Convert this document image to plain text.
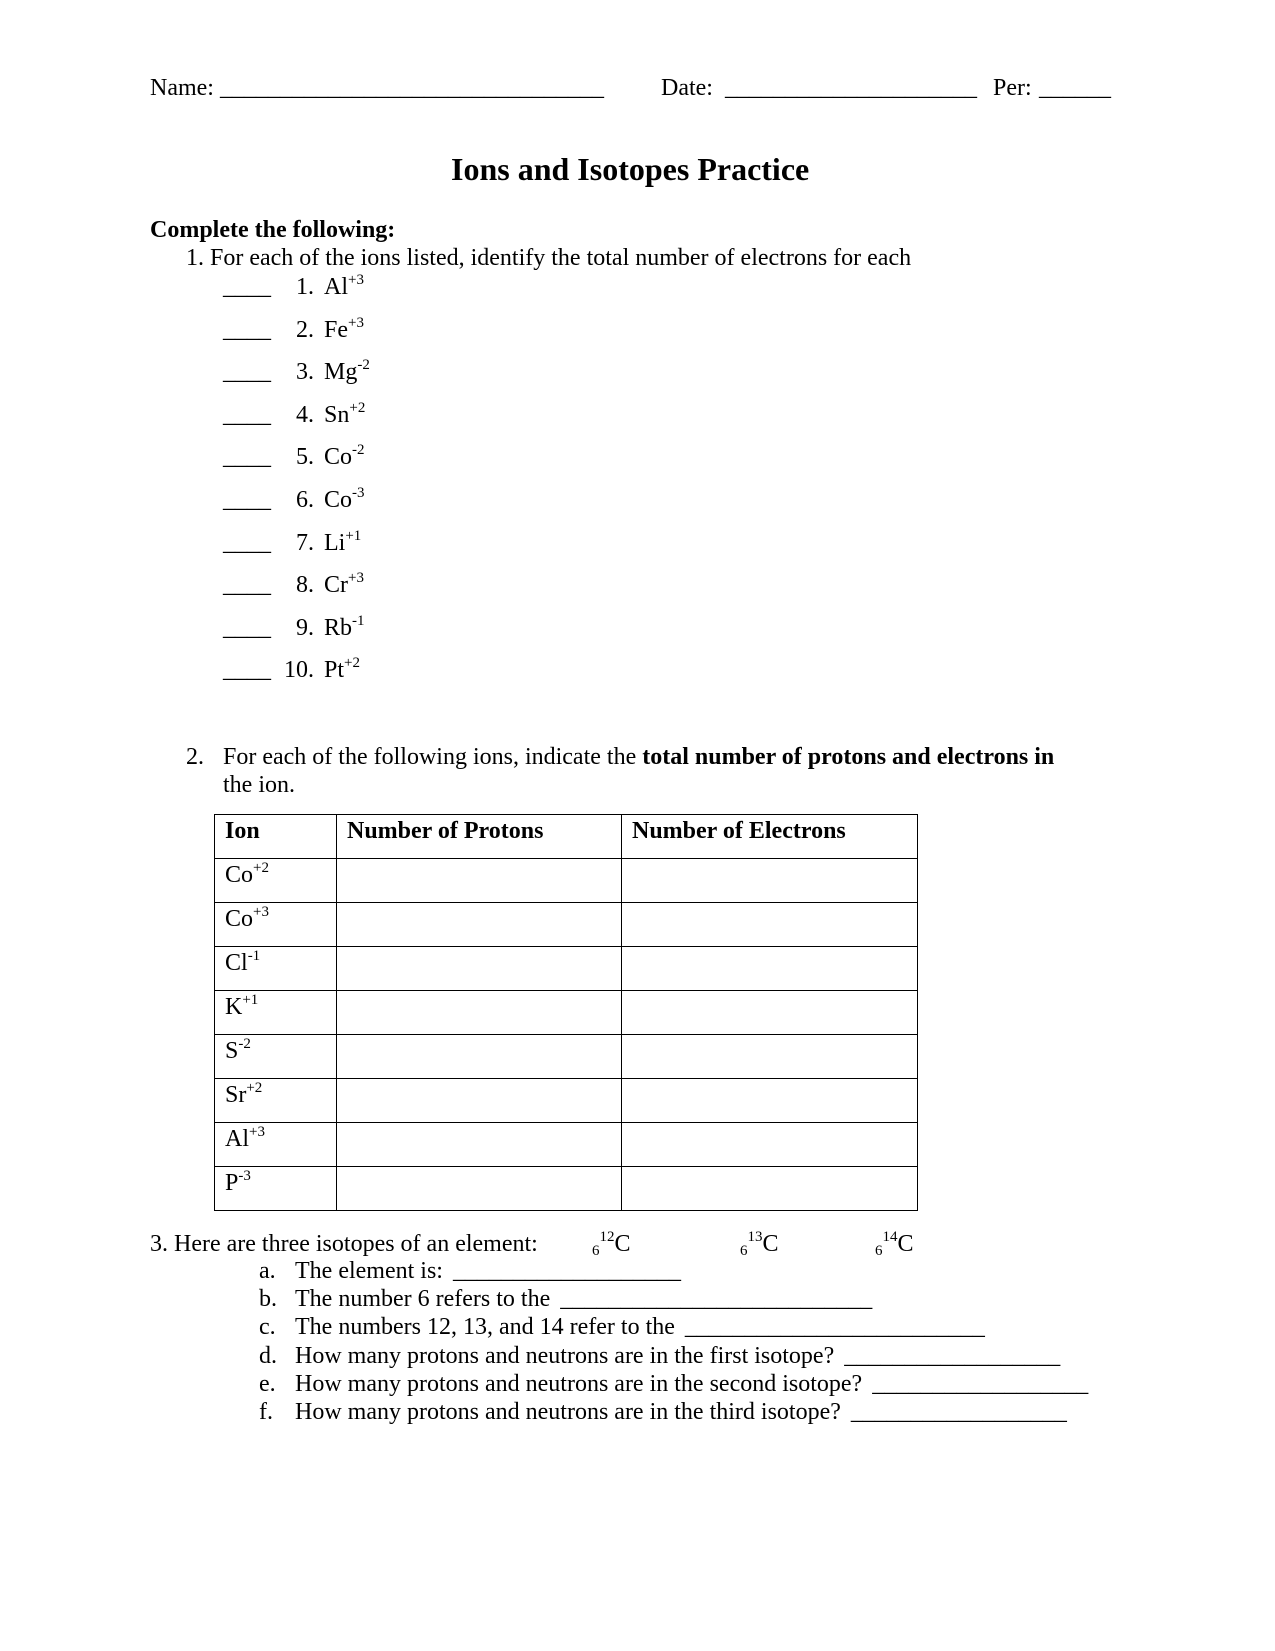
Name: ________________________________ Date: _____________________ Per: ______
Ions and Isotopes Practice
Complete the following:
1. For each of the ions listed, identify the total number of electrons for each
____ 1. $Al^{+3}$
____ 2. $Fe^{+3}$
____ 3. $Mg^{-2}$
____ 4. $Sn^{+2}$
____ 5. $Co^{-2}$
____ 6. $Co^{-3}$
____ 7. $Li^{+1}$
____ 8. $Cr^{+3}$
____ 9. $Rb^{-1}$
____ 10. $Pt^{+2}$
2. For each of the following ions, indicate the total number of protons and electrons in
the ion.
Ion	Number of Protons	Number of Electrons
$Co^{+2}$		
$Co^{+3}$		
$Cl^{-1}$		
$K^{+1}$		
$S^{-2}$		
$Sr^{+2}$		
$Al^{+3}$		
$P^{-3}$		
3. Here are three isotopes of an element:	$_6^{12}$C	$_6^{13}$C	$_6^{14}$C
a. The element is: ___________________
b. The number 6 refers to the __________________________
c. The numbers 12, 13, and 14 refer to the _________________________
d. How many protons and neutrons are in the first isotope? __________________
e. How many protons and neutrons are in the second isotope? __________________
f. How many protons and neutrons are in the third isotope? __________________
